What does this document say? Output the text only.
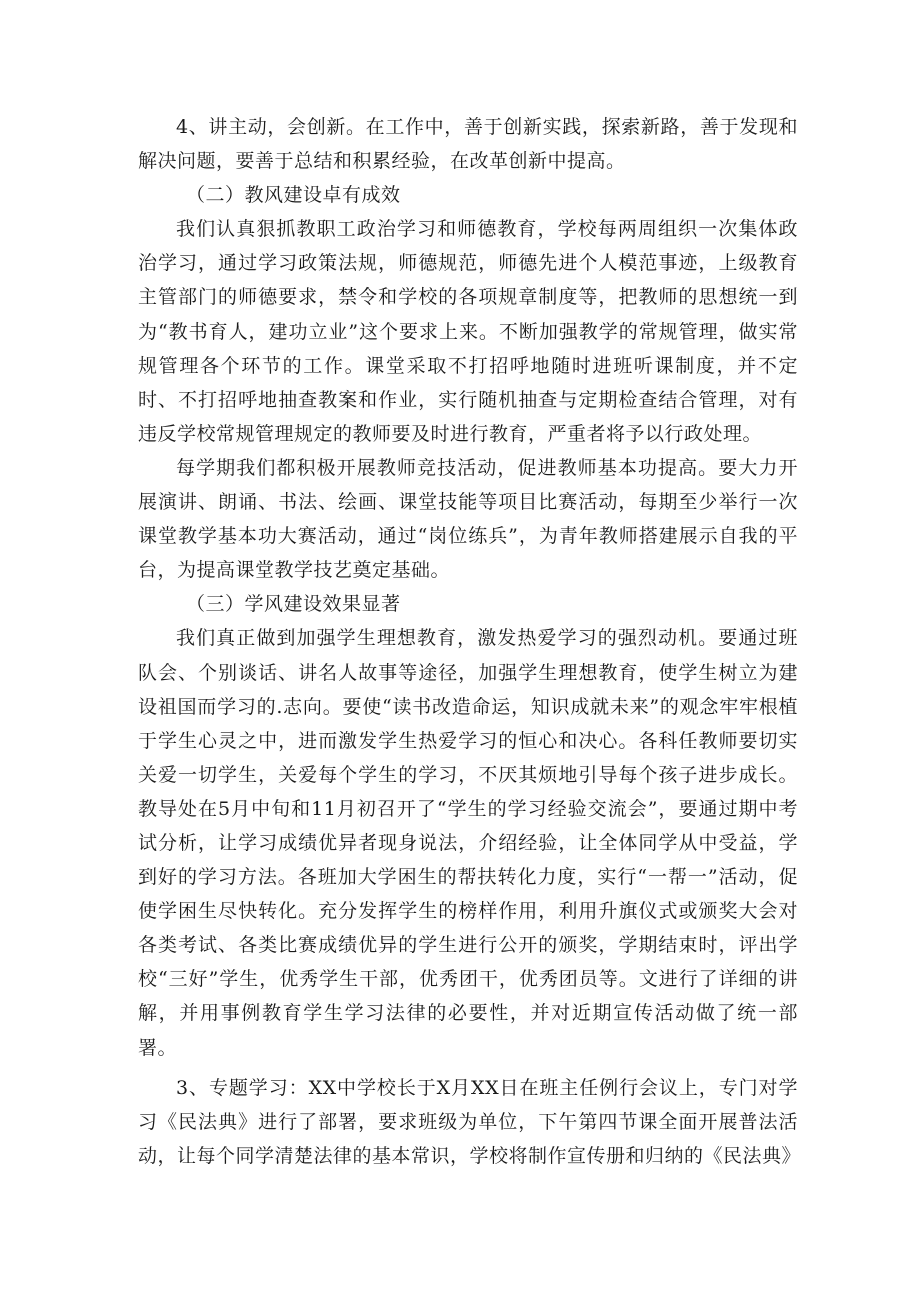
4、讲主动，会创新。在工作中，善于创新实践，探索新路，善于发现和解决问题，要善于总结和积累经验，在改革创新中提高。

（二）教风建设卓有成效

我们认真狠抓教职工政治学习和师德教育，学校每两周组织一次集体政治学习，通过学习政策法规，师德规范，师德先进个人模范事迹，上级教育主管部门的师德要求，禁令和学校的各项规章制度等，把教师的思想统一到为“教书育人，建功立业”这个要求上来。不断加强教学的常规管理，做实常规管理各个环节的工作。课堂采取不打招呼地随时进班听课制度，并不定时、不打招呼地抽查教案和作业，实行随机抽查与定期检查结合管理，对有违反学校常规管理规定的教师要及时进行教育，严重者将予以行政处理。

每学期我们都积极开展教师竞技活动，促进教师基本功提高。要大力开展演讲、朗诵、书法、绘画、课堂技能等项目比赛活动，每期至少举行一次课堂教学基本功大赛活动，通过“岗位练兵”，为青年教师搭建展示自我的平台，为提高课堂教学技艺奠定基础。

（三）学风建设效果显著

我们真正做到加强学生理想教育，激发热爱学习的强烈动机。要通过班队会、个别谈话、讲名人故事等途径，加强学生理想教育，使学生树立为建设祖国而学习的.志向。要使“读书改造命运，知识成就未来”的观念牢牢根植于学生心灵之中，进而激发学生热爱学习的恒心和决心。各科任教师要切实关爱一切学生，关爱每个学生的学习，不厌其烦地引导每个孩子进步成长。教导处在5月中旬和11月初召开了“学生的学习经验交流会”，要通过期中考试分析，让学习成绩优异者现身说法，介绍经验，让全体同学从中受益，学到好的学习方法。各班加大学困生的帮扶转化力度，实行“一帮一”活动，促使学困生尽快转化。充分发挥学生的榜样作用，利用升旗仪式或颁奖大会对各类考试、各类比赛成绩优异的学生进行公开的颁奖，学期结束时，评出学校“三好”学生，优秀学生干部，优秀团干，优秀团员等。文进行了详细的讲解，并用事例教育学生学习法律的必要性，并对近期宣传活动做了统一部署。

3、专题学习：XX中学校长于X月XX日在班主任例行会议上，专门对学习《民法典》进行了部署，要求班级为单位，下午第四节课全面开展普法活动，让每个同学清楚法律的基本常识，学校将制作宣传册和归纳的《民法典》
